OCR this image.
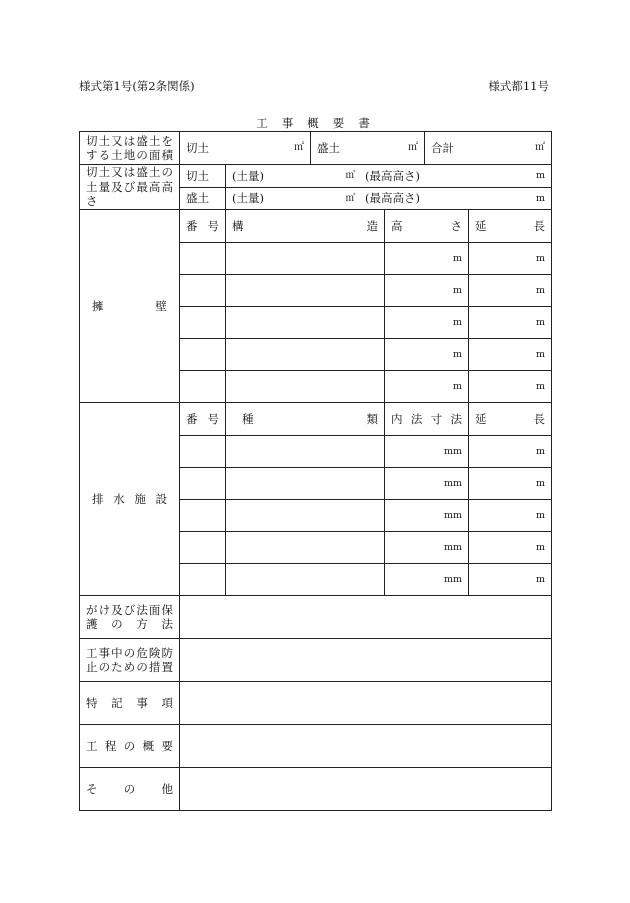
様式第1号(第2条関係)	様式都11号
工事概要書
切土又は盛土をする土地の面積	切土 ㎡		盛土 ㎡		合計 ㎡	

切土又は盛土の土量及び最高高さ	切土	(土量) ㎥ (最高高さ) m				

	盛土	(土量) ㎥ (最高高さ) m				

擁壁	番号	構造		高さ		延長
				m		m
				m		m
				m		m
				m		m
				m		m

排水施設	番号	種類		内法寸法		延長
				mm		m
				mm		m
				mm		m
				mm		m
				mm		m
がけ及び法面保護の方法						
工事中の危険防止のための措置						
特記事項						
工程の概要						
その他						
